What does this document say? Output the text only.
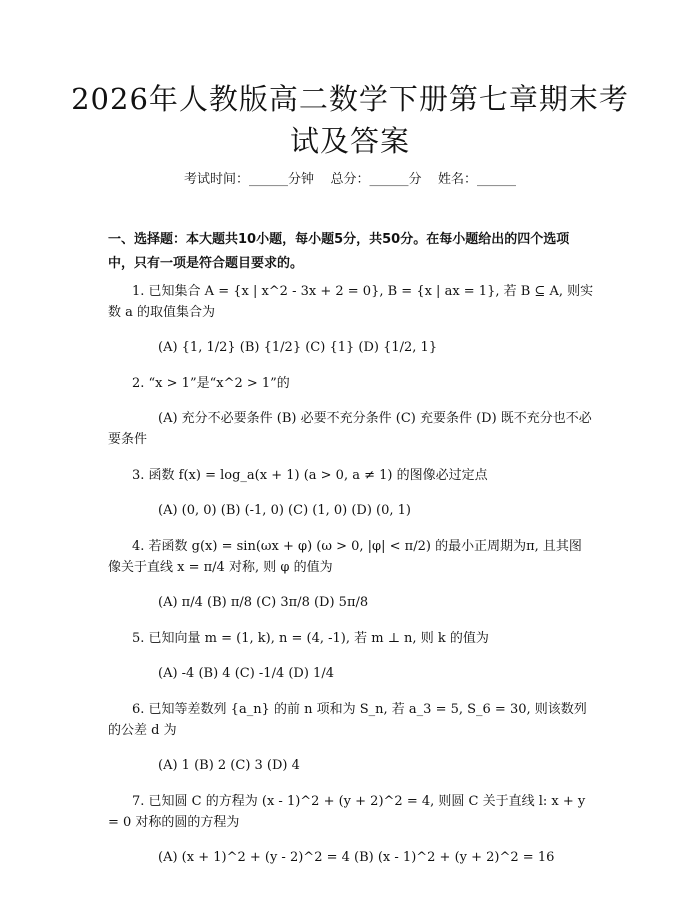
2026年人教版高二数学下册第七章期末考试及答案
考试时间：______分钟    总分：______分    姓名：______
一、选择题：本大题共10小题，每小题5分，共50分。在每小题给出的四个选项中，只有一项是符合题目要求的。

1. 已知集合 A = {x | x^2 - 3x + 2 = 0}, B = {x | ax = 1}, 若 B ⊆ A, 则实数 a 的取值集合为

(A) {1, 1/2} (B) {1/2} (C) {1} (D) {1/2, 1}

2. “x > 1”是“x^2 > 1”的

(A) 充分不必要条件 (B) 必要不充分条件 (C) 充要条件 (D) 既不充分也不必要条件

3. 函数 f(x) = log_a(x + 1) (a > 0, a ≠ 1) 的图像必过定点

(A) (0, 0) (B) (-1, 0) (C) (1, 0) (D) (0, 1)

4. 若函数 g(x) = sin(ωx + φ) (ω > 0, |φ| < π/2) 的最小正周期为π, 且其图像关于直线 x = π/4 对称, 则 φ 的值为

(A) π/4 (B) π/8 (C) 3π/8 (D) 5π/8

5. 已知向量 m = (1, k), n = (4, -1), 若 m ⊥ n, 则 k 的值为

(A) -4 (B) 4 (C) -1/4 (D) 1/4

6. 已知等差数列 {a_n} 的前 n 项和为 S_n, 若 a_3 = 5, S_6 = 30, 则该数列的公差 d 为

(A) 1 (B) 2 (C) 3 (D) 4

7. 已知圆 C 的方程为 (x - 1)^2 + (y + 2)^2 = 4, 则圆 C 关于直线 l: x + y = 0 对称的圆的方程为

(A) (x + 1)^2 + (y - 2)^2 = 4 (B) (x - 1)^2 + (y + 2)^2 = 16
